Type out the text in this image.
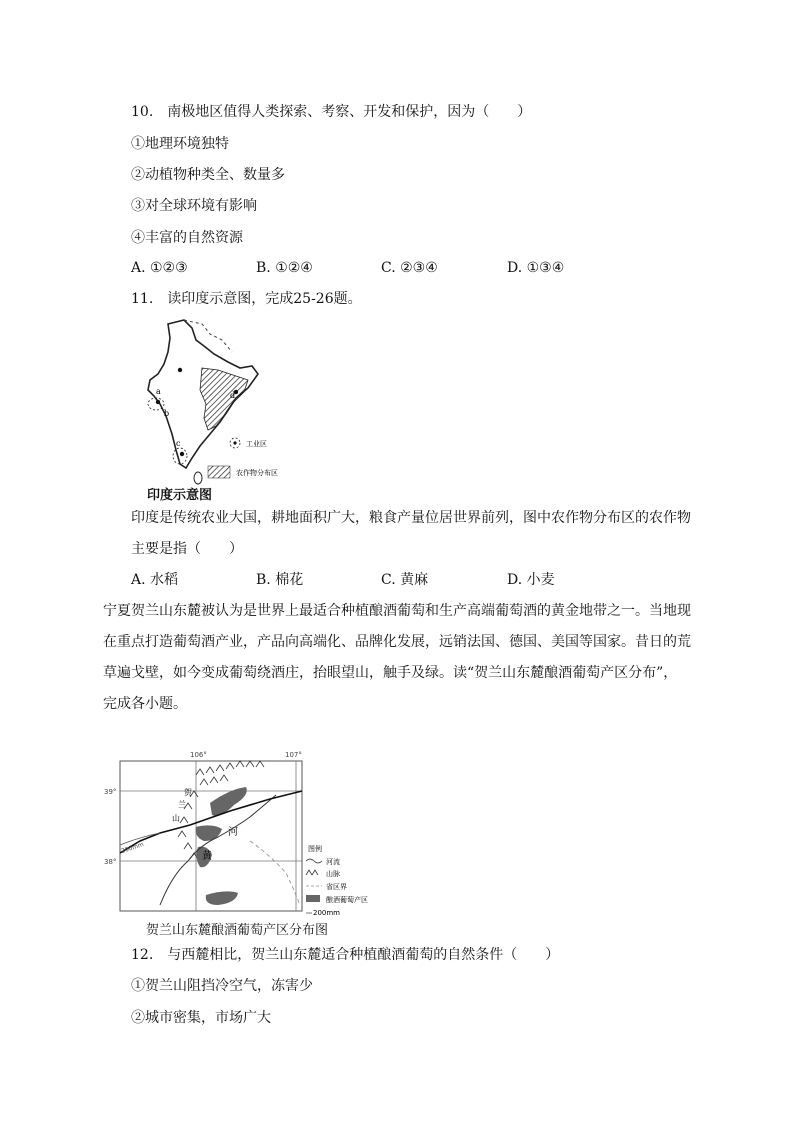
10.　南极地区值得人类探索、考察、开发和保护，因为（　　）
①地理环境独特
②动植物种类全、数量多
③对全球环境有影响
④丰富的自然资源
A. ①②③	B. ①②④	C. ②③④	D. ①③④
11.　读印度示意图，完成25-26题。
a
b
c
d
工业区
农作物分布区
印度示意图
印度是传统农业大国，耕地面积广大，粮食产量位居世界前列，图中农作物分布区的农作物
主要是指（　　）
A. 水稻	B. 棉花	C. 黄麻	D. 小麦
宁夏贺兰山东麓被认为是世界上最适合种植酿酒葡萄和生产高端葡萄酒的黄金地带之一。当地现
在重点打造葡萄酒产业，产品向高端化、品牌化发展，远销法国、德国、美国等国家。昔日的荒
草遍戈壁，如今变成葡萄绕酒庄，抬眼望山，触手及绿。读“贺兰山东麓酿酒葡萄产区分布”，
完成各小题。
106°	107°
39°
38°
200mm
贺
兰
山
河
黄
图例
河流
山脉
省区界
酿酒葡萄产区
200mm
贺兰山东麓酿酒葡萄产区分布图
12.　与西麓相比，贺兰山东麓适合种植酿酒葡萄的自然条件（　　）
①贺兰山阻挡冷空气，冻害少
②城市密集，市场广大
